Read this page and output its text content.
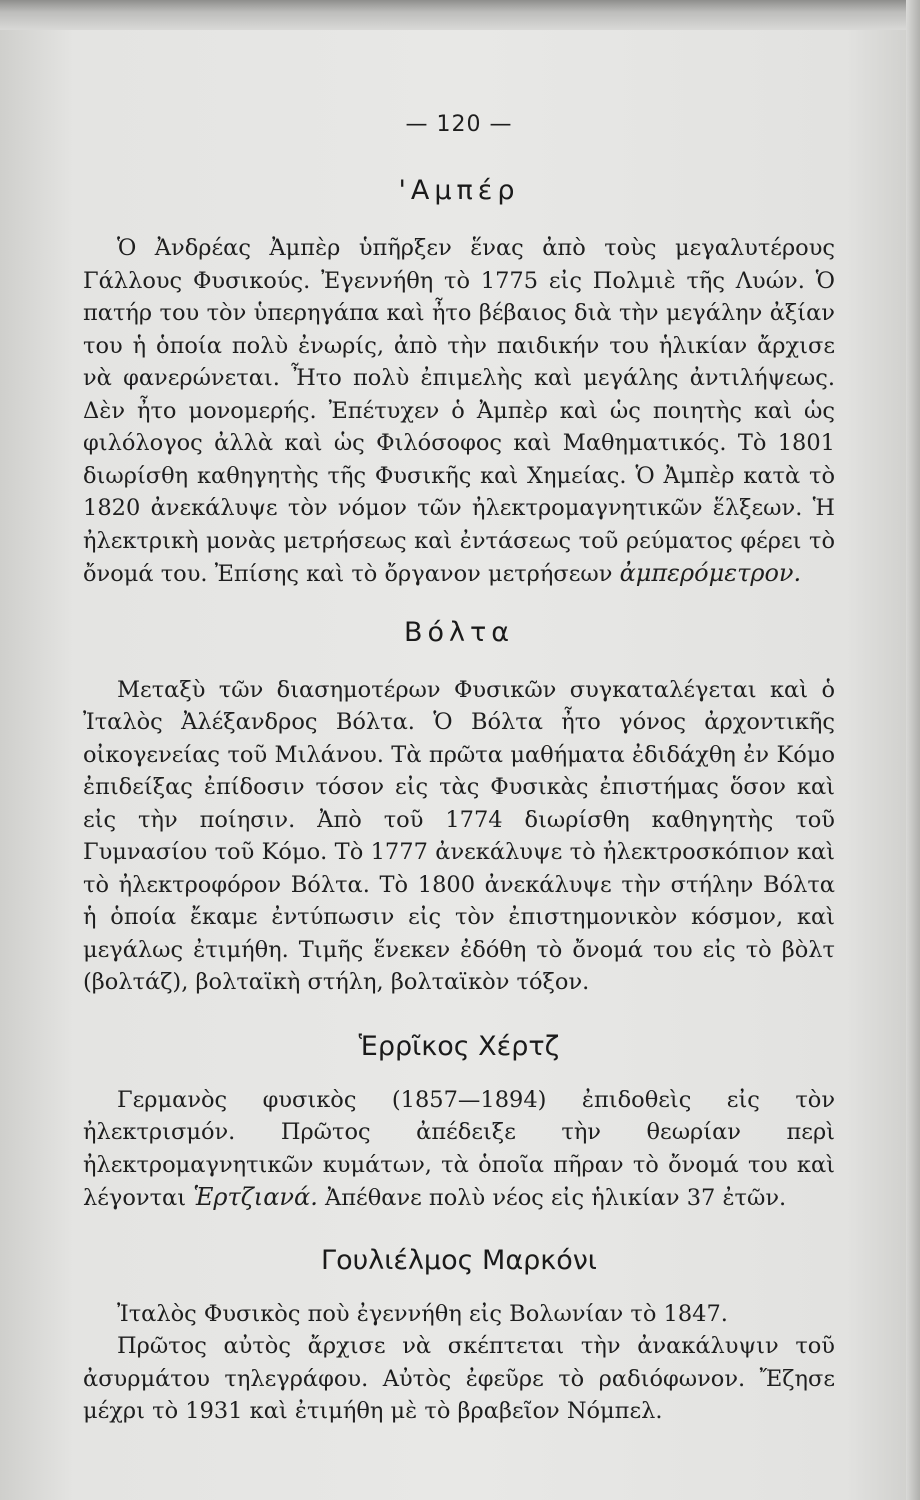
— 120 —
'Αμπέρ

Ὁ Ἀνδρέας Ἀμπὲρ ὑπῆρξεν ἕνας ἀπὸ τοὺς μεγαλυτέρους Γάλλους Φυσικούς. Ἐγεννήθη τὸ 1775 εἰς Πολμιὲ τῆς Λυών. Ὁ πατήρ του τὸν ὑπερηγάπα καὶ ἦτο βέβαιος διὰ τὴν μεγάλην ἀξίαν του ἡ ὁποία πολὺ ἐνωρίς, ἀπὸ τὴν παιδικήν του ἡλικίαν ἄρχισε νὰ φανερώνεται. Ἦτο πολὺ ἐπιμελὴς καὶ μεγάλης ἀντιλήψεως. Δὲν ἦτο μονομερής. Ἐπέτυχεν ὁ Ἀμπὲρ καὶ ὡς ποιητὴς καὶ ὡς φιλόλογος ἀλλὰ καὶ ὡς Φιλόσοφος καὶ Μαθηματικός. Τὸ 1801 διωρίσθη καθηγητὴς τῆς Φυσικῆς καὶ Χημείας. Ὁ Ἀμπὲρ κατὰ τὸ 1820 ἀνεκάλυψε τὸν νόμον τῶν ἠλεκτρομαγνητικῶν ἕλξεων. Ἡ ἠλεκτρικὴ μονὰς μετρήσεως καὶ ἐντάσεως τοῦ ρεύματος φέρει τὸ ὄνομά του. Ἐπίσης καὶ τὸ ὄργανον μετρήσεων ἀμπερόμετρον.

Βόλτα

Μεταξὺ τῶν διασημοτέρων Φυσικῶν συγκαταλέγεται καὶ ὁ Ἰταλὸς Ἀλέξανδρος Βόλτα. Ὁ Βόλτα ἦτο γόνος ἀρχοντικῆς οἰκογενείας τοῦ Μιλάνου. Τὰ πρῶτα μαθήματα ἐδιδάχθη ἐν Κόμο ἐπιδείξας ἐπίδοσιν τόσον εἰς τὰς Φυσικὰς ἐπιστήμας ὅσον καὶ εἰς τὴν ποίησιν. Ἀπὸ τοῦ 1774 διωρίσθη καθηγητὴς τοῦ Γυμνασίου τοῦ Κόμο. Τὸ 1777 ἀνεκάλυψε τὸ ἠλεκτροσκόπιον καὶ τὸ ἠλεκτροφόρον Βόλτα. Τὸ 1800 ἀνεκάλυψε τὴν στήλην Βόλτα ἡ ὁποία ἔκαμε ἐντύπωσιν εἰς τὸν ἐπιστημονικὸν κόσμον, καὶ μεγάλως ἐτιμήθη. Τιμῆς ἕνεκεν ἐδόθη τὸ ὄνομά του εἰς τὸ βὸλτ (βολτάζ), βολταϊκὴ στήλη, βολταϊκὸν τόξον.

Ἑρρῖκος Χέρτζ

Γερμανὸς φυσικὸς (1857—1894) ἐπιδοθεὶς εἰς τὸν ἠλεκτρισμόν. Πρῶτος ἀπέδειξε τὴν θεωρίαν περὶ ἠλεκτρομαγνητικῶν κυμάτων, τὰ ὁποῖα πῆραν τὸ ὄνομά του καὶ λέγονται Ἑρτζιανά. Ἀπέθανε πολὺ νέος εἰς ἡλικίαν 37 ἐτῶν.

Γουλιέλμος Μαρκόνι

Ἰταλὸς Φυσικὸς ποὺ ἐγεννήθη εἰς Βολωνίαν τὸ 1847.

Πρῶτος αὐτὸς ἄρχισε νὰ σκέπτεται τὴν ἀνακάλυψιν τοῦ ἀσυρμάτου τηλεγράφου. Αὐτὸς ἐφεῦρε τὸ ραδιόφωνον. Ἔζησε μέχρι τὸ 1931 καὶ ἐτιμήθη μὲ τὸ βραβεῖον Νόμπελ.
